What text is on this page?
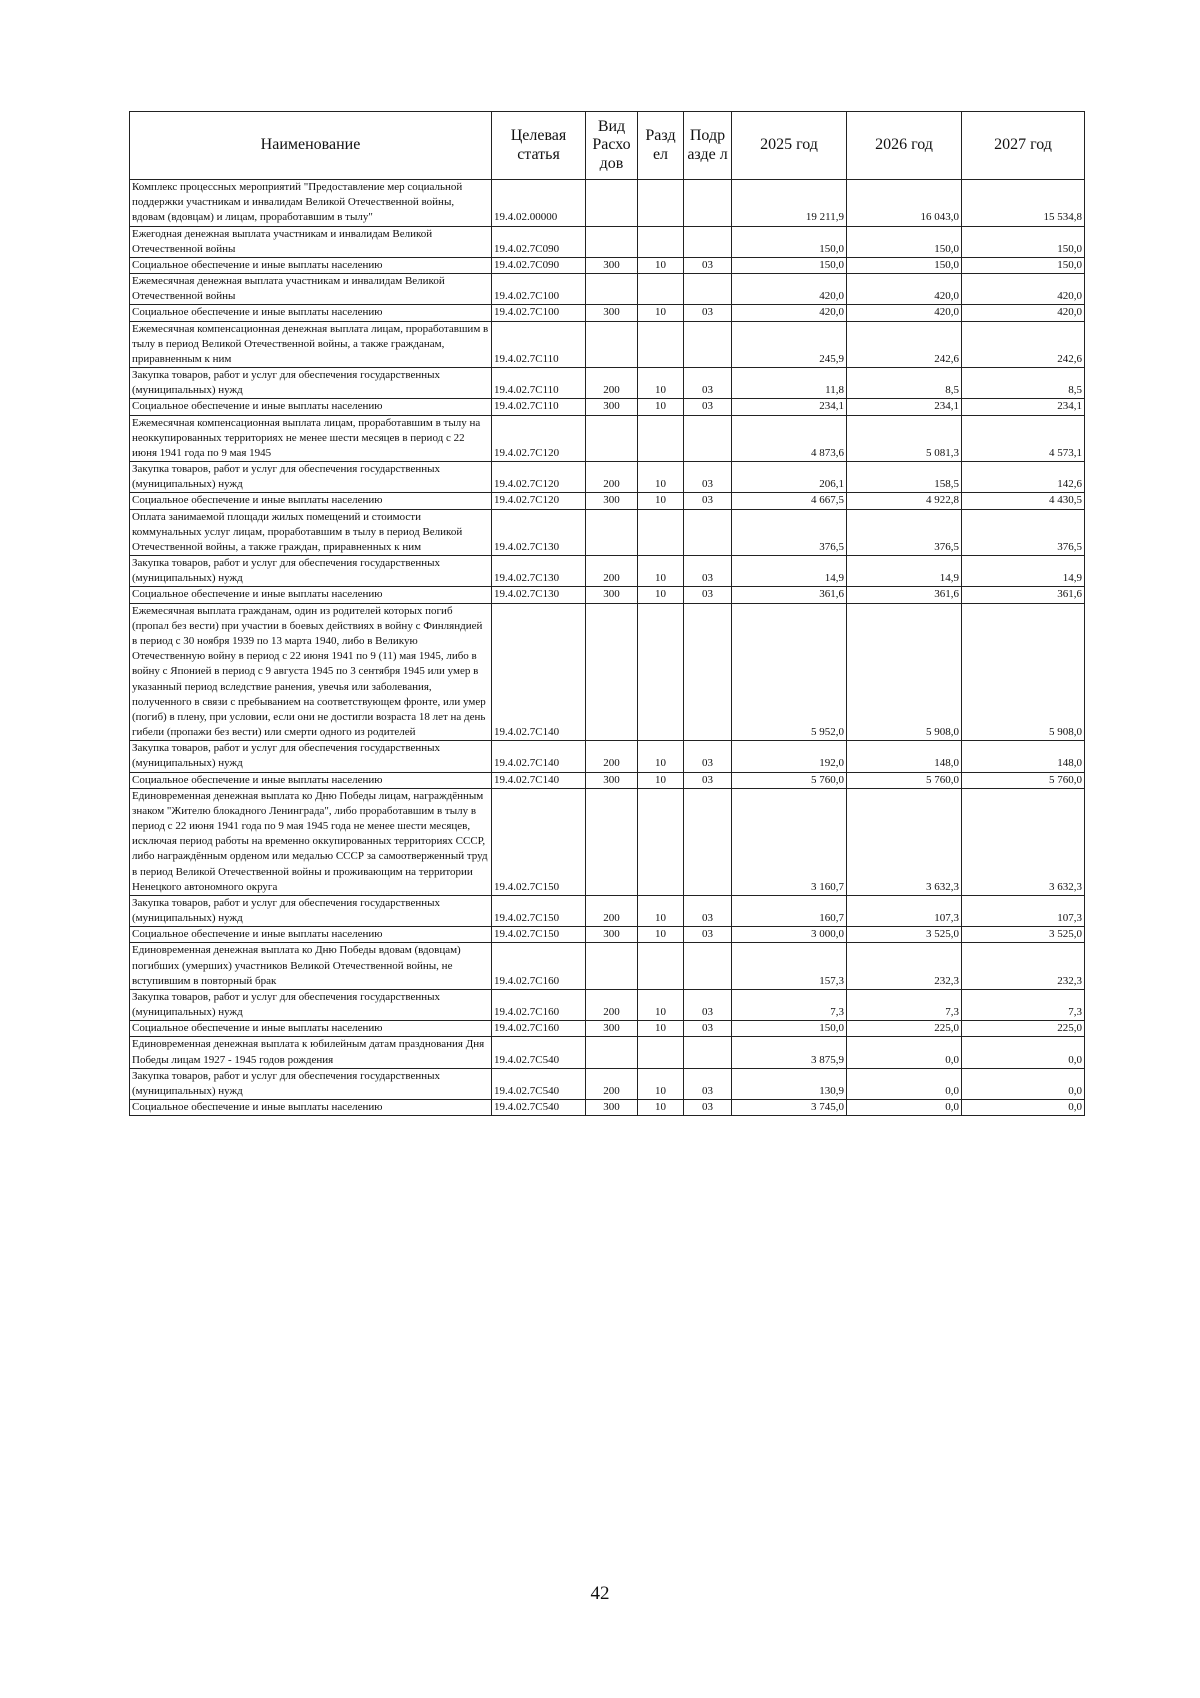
Наименование	Целевая статья	Вид Расхо дов	Разд ел	Подр азде л	2025 год	2026 год	2027 год
Комплекс процессных мероприятий "Предоставление мер социальной поддержки участникам и инвалидам Великой Отечественной войны, вдовам (вдовцам) и лицам, проработавшим в тылу"	19.4.02.00000				19 211,9	16 043,0	15 534,8
Ежегодная денежная выплата участникам и инвалидам Великой Отечественной войны	19.4.02.7С090				150,0	150,0	150,0
Социальное обеспечение и иные выплаты населению	19.4.02.7С090	300	10	03	150,0	150,0	150,0
Ежемесячная денежная выплата участникам и инвалидам Великой Отечественной войны	19.4.02.7С100				420,0	420,0	420,0
Социальное обеспечение и иные выплаты населению	19.4.02.7С100	300	10	03	420,0	420,0	420,0
Ежемесячная компенсационная денежная выплата лицам, проработавшим в тылу в период Великой Отечественной войны, а также гражданам, приравненным к ним	19.4.02.7С110				245,9	242,6	242,6
Закупка товаров, работ и услуг для обеспечения государственных (муниципальных) нужд	19.4.02.7С110	200	10	03	11,8	8,5	8,5
Социальное обеспечение и иные выплаты населению	19.4.02.7С110	300	10	03	234,1	234,1	234,1
Ежемесячная компенсационная выплата лицам, проработавшим в тылу на неоккупированных территориях не менее шести месяцев в период с 22 июня 1941 года по 9 мая 1945	19.4.02.7С120				4 873,6	5 081,3	4 573,1
Закупка товаров, работ и услуг для обеспечения государственных (муниципальных) нужд	19.4.02.7С120	200	10	03	206,1	158,5	142,6
Социальное обеспечение и иные выплаты населению	19.4.02.7С120	300	10	03	4 667,5	4 922,8	4 430,5
Оплата занимаемой площади жилых помещений и стоимости коммунальных услуг лицам, проработавшим в тылу в период Великой Отечественной войны, а также граждан, приравненных к ним	19.4.02.7С130				376,5	376,5	376,5
Закупка товаров, работ и услуг для обеспечения государственных (муниципальных) нужд	19.4.02.7С130	200	10	03	14,9	14,9	14,9
Социальное обеспечение и иные выплаты населению	19.4.02.7С130	300	10	03	361,6	361,6	361,6
Ежемесячная выплата гражданам, один из родителей которых погиб (пропал без вести) при участии в боевых действиях в войну с Финляндией в период с 30 ноября 1939 по 13 марта 1940, либо в Великую Отечественную войну в период с 22 июня 1941 по 9 (11) мая 1945, либо в войну с Японией в период с 9 августа 1945 по 3 сентября 1945 или умер в указанный период вследствие ранения, увечья или заболевания, полученного в связи с пребыванием на соответствующем фронте, или умер (погиб) в плену, при условии, если они не достигли возраста 18 лет на день гибели (пропажи без вести) или смерти одного из родителей	19.4.02.7С140				5 952,0	5 908,0	5 908,0
Закупка товаров, работ и услуг для обеспечения государственных (муниципальных) нужд	19.4.02.7С140	200	10	03	192,0	148,0	148,0
Социальное обеспечение и иные выплаты населению	19.4.02.7С140	300	10	03	5 760,0	5 760,0	5 760,0
Единовременная денежная выплата ко Дню Победы лицам, награждённым знаком "Жителю блокадного Ленинграда", либо проработавшим в тылу в период с 22 июня 1941 года по 9 мая 1945 года не менее шести месяцев, исключая период работы на временно оккупированных территориях СССР, либо награждённым орденом или медалью СССР за самоотверженный труд в период Великой Отечественной войны и проживающим на территории Ненецкого автономного округа	19.4.02.7С150				3 160,7	3 632,3	3 632,3
Закупка товаров, работ и услуг для обеспечения государственных (муниципальных) нужд	19.4.02.7С150	200	10	03	160,7	107,3	107,3
Социальное обеспечение и иные выплаты населению	19.4.02.7С150	300	10	03	3 000,0	3 525,0	3 525,0
Единовременная денежная выплата ко Дню Победы вдовам (вдовцам) погибших (умерших) участников Великой Отечественной войны, не вступившим в повторный брак	19.4.02.7С160				157,3	232,3	232,3
Закупка товаров, работ и услуг для обеспечения государственных (муниципальных) нужд	19.4.02.7С160	200	10	03	7,3	7,3	7,3
Социальное обеспечение и иные выплаты населению	19.4.02.7С160	300	10	03	150,0	225,0	225,0
Единовременная денежная выплата к юбилейным датам празднования Дня Победы лицам 1927 - 1945 годов рождения	19.4.02.7С540				3 875,9	0,0	0,0
Закупка товаров, работ и услуг для обеспечения государственных (муниципальных) нужд	19.4.02.7С540	200	10	03	130,9	0,0	0,0
Социальное обеспечение и иные выплаты населению	19.4.02.7С540	300	10	03	3 745,0	0,0	0,0
42
